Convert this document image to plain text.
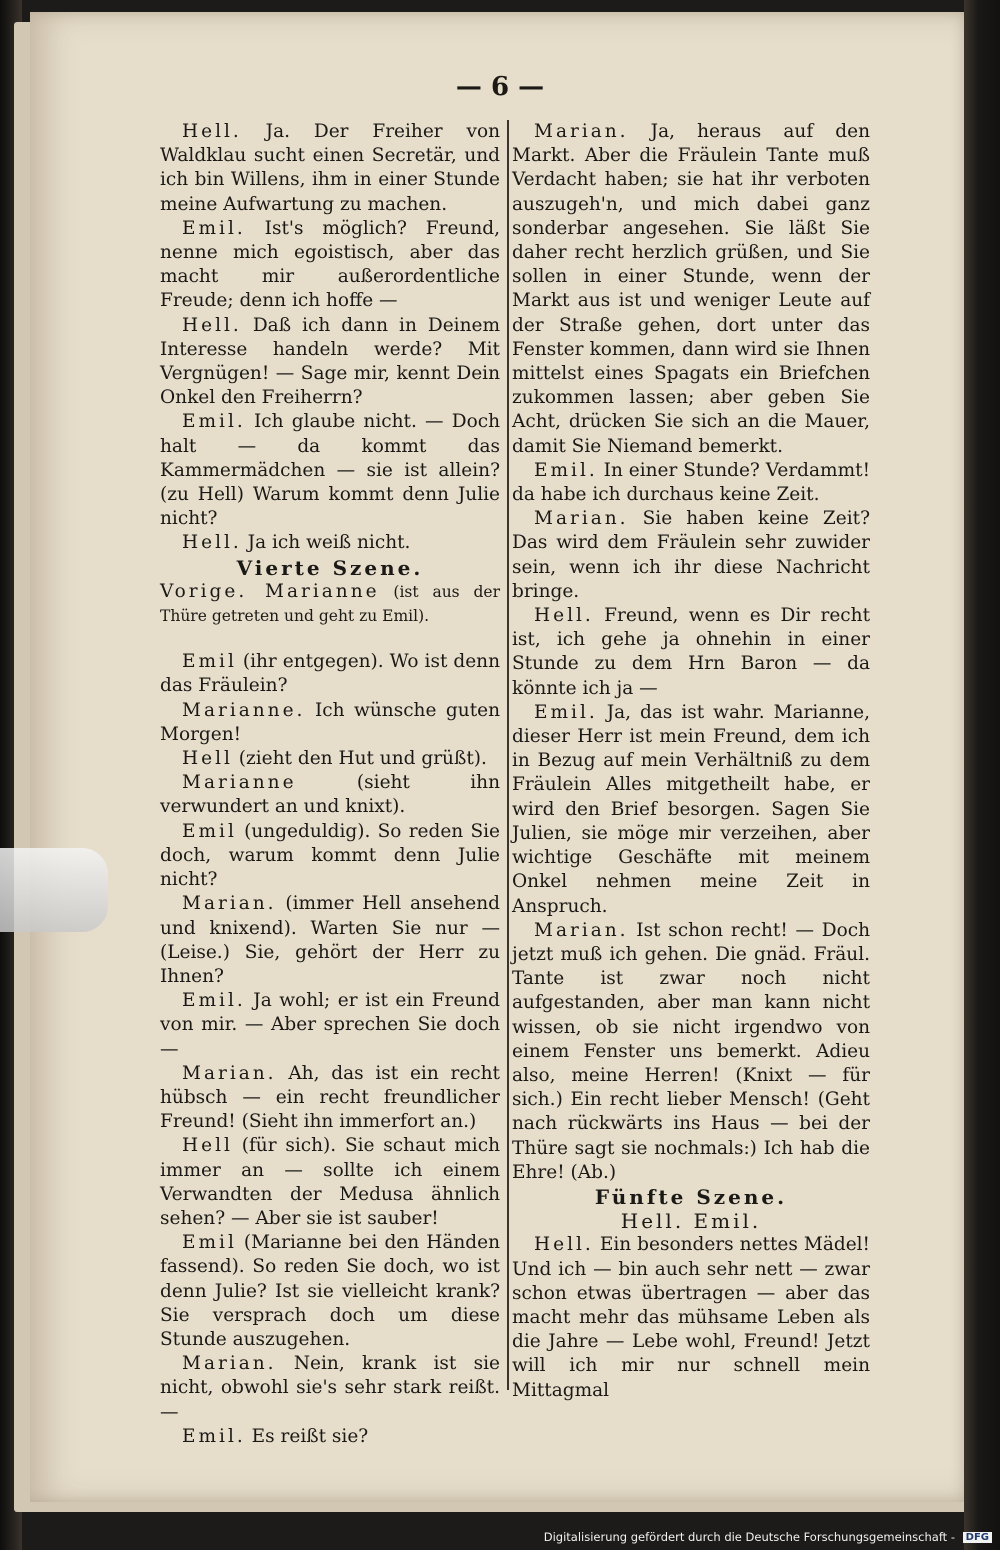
— 6 —

Hell. Ja. Der Freiher von Waldklau sucht einen Secretär, und ich bin Willens, ihm in einer Stunde meine Aufwartung zu machen.

Emil. Ist's möglich? Freund, nenne mich egoistisch, aber das macht mir außerordentliche Freude; denn ich hoffe —

Hell. Daß ich dann in Deinem Interesse handeln werde? Mit Vergnügen! — Sage mir, kennt Dein Onkel den Freiherrn?

Emil. Ich glaube nicht. — Doch halt — da kommt das Kammermädchen — sie ist allein? (zu Hell) Warum kommt denn Julie nicht?

Hell. Ja ich weiß nicht.

Vierte Szene.

Vorige. Marianne (ist aus der Thüre getreten und geht zu Emil).

Emil (ihr entgegen). Wo ist denn das Fräulein?

Marianne. Ich wünsche guten Morgen!

Hell (zieht den Hut und grüßt).

Marianne (sieht ihn verwundert an und knixt).

Emil (ungeduldig). So reden Sie doch, warum kommt denn Julie nicht?

Marian. (immer Hell ansehend und knixend). Warten Sie nur — (Leise.) Sie, gehört der Herr zu Ihnen?

Emil. Ja wohl; er ist ein Freund von mir. — Aber sprechen Sie doch —

Marian. Ah, das ist ein recht hübsch — ein recht freundlicher Freund! (Sieht ihn immerfort an.)

Hell (für sich). Sie schaut mich immer an — sollte ich einem Verwandten der Medusa ähnlich sehen? — Aber sie ist sauber!

Emil (Marianne bei den Händen fassend). So reden Sie doch, wo ist denn Julie? Ist sie vielleicht krank? Sie versprach doch um diese Stunde auszugehen.

Marian. Nein, krank ist sie nicht, obwohl sie's sehr stark reißt. —

Emil. Es reißt sie?

Marian. Ja, heraus auf den Markt. Aber die Fräulein Tante muß Verdacht haben; sie hat ihr verboten auszugeh'n, und mich dabei ganz sonderbar angesehen. Sie läßt Sie daher recht herzlich grüßen, und Sie sollen in einer Stunde, wenn der Markt aus ist und weniger Leute auf der Straße gehen, dort unter das Fenster kommen, dann wird sie Ihnen mittelst eines Spagats ein Briefchen zukommen lassen; aber geben Sie Acht, drücken Sie sich an die Mauer, damit Sie Niemand bemerkt.

Emil. In einer Stunde? Verdammt! da habe ich durchaus keine Zeit.

Marian. Sie haben keine Zeit? Das wird dem Fräulein sehr zuwider sein, wenn ich ihr diese Nachricht bringe.

Hell. Freund, wenn es Dir recht ist, ich gehe ja ohnehin in einer Stunde zu dem Hrn Baron — da könnte ich ja —

Emil. Ja, das ist wahr. Marianne, dieser Herr ist mein Freund, dem ich in Bezug auf mein Verhältniß zu dem Fräulein Alles mitgetheilt habe, er wird den Brief besorgen. Sagen Sie Julien, sie möge mir verzeihen, aber wichtige Geschäfte mit meinem Onkel nehmen meine Zeit in Anspruch.

Marian. Ist schon recht! — Doch jetzt muß ich gehen. Die gnäd. Fräul. Tante ist zwar noch nicht aufgestanden, aber man kann nicht wissen, ob sie nicht irgendwo von einem Fenster uns bemerkt. Adieu also, meine Herren! (Knixt — für sich.) Ein recht lieber Mensch! (Geht nach rückwärts ins Haus — bei der Thüre sagt sie nochmals:) Ich hab die Ehre! (Ab.)

Fünfte Szene.

Hell. Emil.

Hell. Ein besonders nettes Mädel! Und ich — bin auch sehr nett — zwar schon etwas übertragen — aber das macht mehr das mühsame Leben als die Jahre — Lebe wohl, Freund! Jetzt will ich mir nur schnell mein Mittagmal

Digitalisierung gefördert durch die Deutsche Forschungsgemeinschaft - DFG
